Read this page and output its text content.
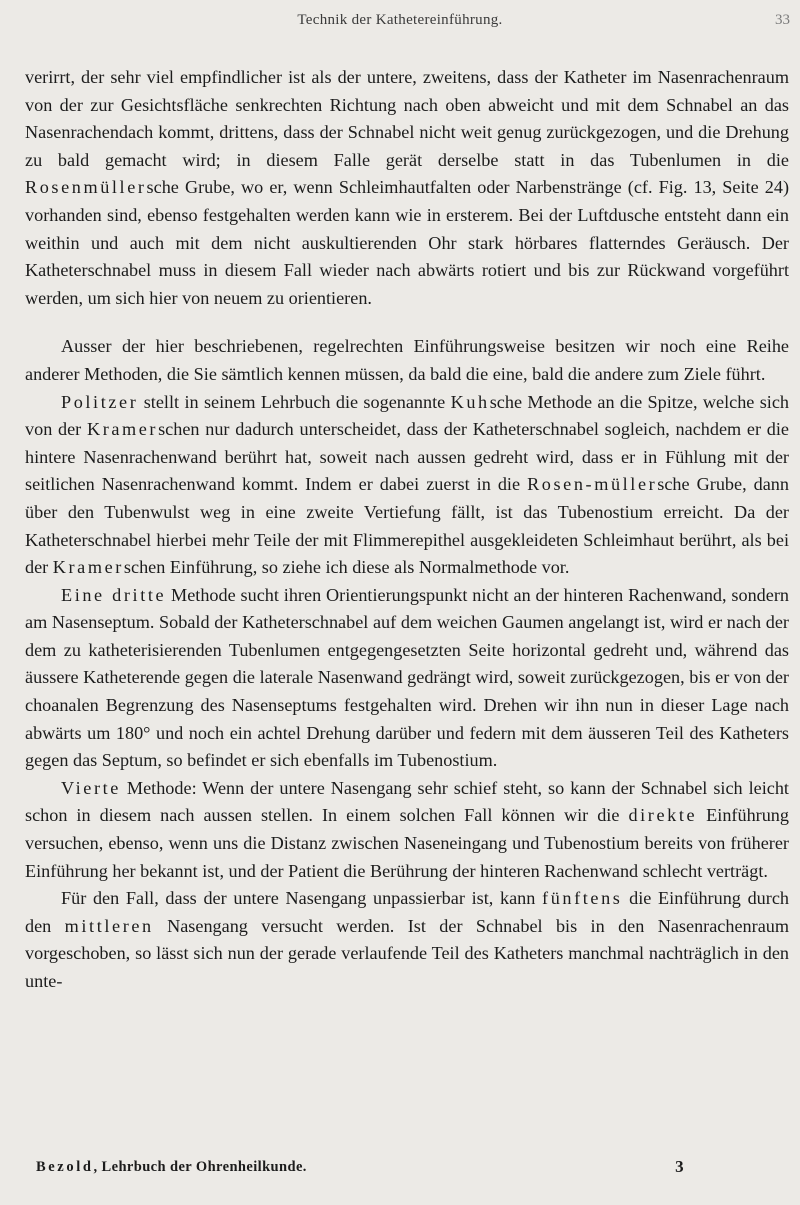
Technik der Kathetereinführung.	33

verirrt, der sehr viel empfindlicher ist als der untere, zweitens, dass der Katheter im Nasenrachenraum von der zur Gesichtsfläche senkrechten Richtung nach oben abweicht und mit dem Schnabel an das Nasenrachendach kommt, drittens, dass der Schnabel nicht weit genug zurückgezogen, und die Drehung zu bald gemacht wird; in diesem Falle gerät derselbe statt in das Tubenlumen in die Rosenmüllersche Grube, wo er, wenn Schleimhautfalten oder Narbenstränge (cf. Fig. 13, Seite 24) vorhanden sind, ebenso festgehalten werden kann wie in ersterem. Bei der Luftdusche entsteht dann ein weithin und auch mit dem nicht auskultierenden Ohr stark hörbares flatterndes Geräusch. Der Katheterschnabel muss in diesem Fall wieder nach abwärts rotiert und bis zur Rückwand vorgeführt werden, um sich hier von neuem zu orientieren.

Ausser der hier beschriebenen, regelrechten Einführungsweise besitzen wir noch eine Reihe anderer Methoden, die Sie sämtlich kennen müssen, da bald die eine, bald die andere zum Ziele führt.

Politzer stellt in seinem Lehrbuch die sogenannte Kuhsche Methode an die Spitze, welche sich von der Kramerschen nur dadurch unterscheidet, dass der Katheterschnabel sogleich, nachdem er die hintere Nasenrachenwand berührt hat, soweit nach aussen gedreht wird, dass er in Fühlung mit der seitlichen Nasenrachenwand kommt. Indem er dabei zuerst in die Rosen-müllersche Grube, dann über den Tubenwulst weg in eine zweite Vertiefung fällt, ist das Tubenostium erreicht. Da der Katheterschnabel hierbei mehr Teile der mit Flimmerepithel ausgekleideten Schleimhaut berührt, als bei der Kramerschen Einführung, so ziehe ich diese als Normalmethode vor.

Eine dritte Methode sucht ihren Orientierungspunkt nicht an der hinteren Rachenwand, sondern am Nasenseptum. Sobald der Katheterschnabel auf dem weichen Gaumen angelangt ist, wird er nach der dem zu katheterisierenden Tubenlumen entgegengesetzten Seite horizontal gedreht und, während das äussere Katheterende gegen die laterale Nasenwand gedrängt wird, soweit zurückgezogen, bis er von der choanalen Begrenzung des Nasenseptums festgehalten wird. Drehen wir ihn nun in dieser Lage nach abwärts um 180° und noch ein achtel Drehung darüber und federn mit dem äusseren Teil des Katheters gegen das Septum, so befindet er sich ebenfalls im Tubenostium.

Vierte Methode: Wenn der untere Nasengang sehr schief steht, so kann der Schnabel sich leicht schon in diesem nach aussen stellen. In einem solchen Fall können wir die direkte Einführung versuchen, ebenso, wenn uns die Distanz zwischen Naseneingang und Tubenostium bereits von früherer Einführung her bekannt ist, und der Patient die Berührung der hinteren Rachenwand schlecht verträgt.

Für den Fall, dass der untere Nasengang unpassierbar ist, kann fünftens die Einführung durch den mittleren Nasengang versucht werden. Ist der Schnabel bis in den Nasenrachenraum vorgeschoben, so lässt sich nun der gerade verlaufende Teil des Katheters manchmal nachträglich in den unte-

Bezold, Lehrbuch der Ohrenheilkunde.	3
